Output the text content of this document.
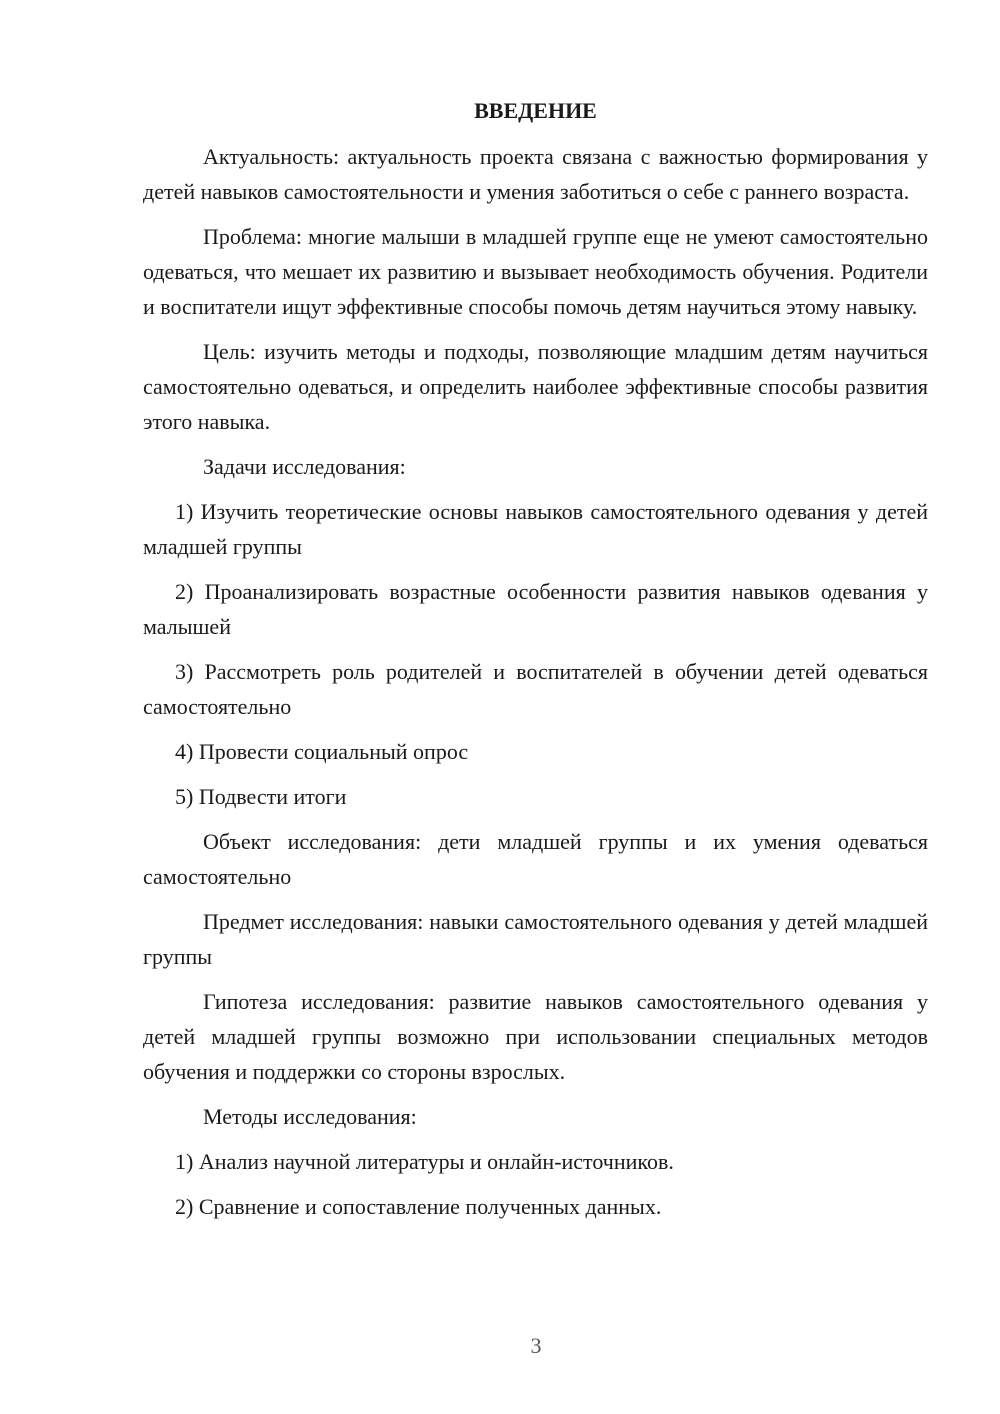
ВВЕДЕНИЕ
Актуальность: актуальность проекта связана с важностью формирования у детей навыков самостоятельности и умения заботиться о себе с раннего возраста.
Проблема: многие малыши в младшей группе еще не умеют самостоятельно одеваться, что мешает их развитию и вызывает необходимость обучения. Родители и воспитатели ищут эффективные способы помочь детям научиться этому навыку.
Цель: изучить методы и подходы, позволяющие младшим детям научиться самостоятельно одеваться, и определить наиболее эффективные способы развития этого навыка.
Задачи исследования:
1) Изучить теоретические основы навыков самостоятельного одевания у детей младшей группы
2) Проанализировать возрастные особенности развития навыков одевания у малышей
3) Рассмотреть роль родителей и воспитателей в обучении детей одеваться самостоятельно
4) Провести социальный опрос
5) Подвести итоги
Объект исследования: дети младшей группы и их умения одеваться самостоятельно
Предмет исследования: навыки самостоятельного одевания у детей младшей группы
Гипотеза исследования: развитие навыков самостоятельного одевания у детей младшей группы возможно при использовании специальных методов обучения и поддержки со стороны взрослых.
Методы исследования:
1) Анализ научной литературы и онлайн-источников.
2) Сравнение и сопоставление полученных данных.
3
